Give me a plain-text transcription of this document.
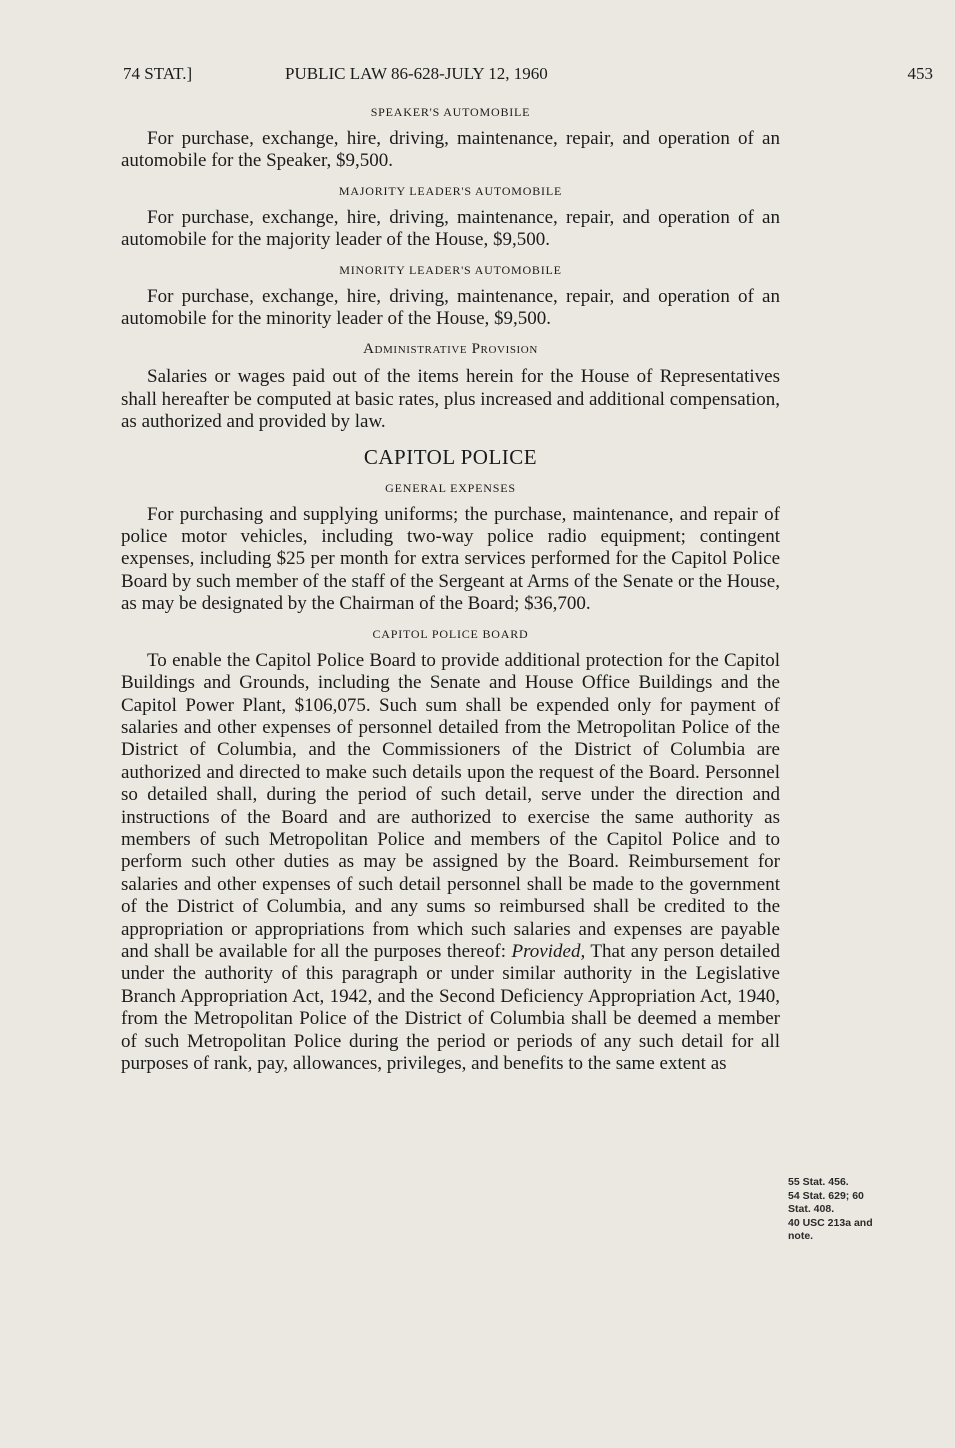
74 STAT.]	PUBLIC LAW 86-628-JULY 12, 1960	453
SPEAKER'S AUTOMOBILE

For purchase, exchange, hire, driving, maintenance, repair, and operation of an automobile for the Speaker, $9,500.

MAJORITY LEADER'S AUTOMOBILE

For purchase, exchange, hire, driving, maintenance, repair, and operation of an automobile for the majority leader of the House, $9,500.

MINORITY LEADER'S AUTOMOBILE

For purchase, exchange, hire, driving, maintenance, repair, and operation of an automobile for the minority leader of the House, $9,500.

Administrative Provision

Salaries or wages paid out of the items herein for the House of Representatives shall hereafter be computed at basic rates, plus increased and additional compensation, as authorized and provided by law.

CAPITOL POLICE
GENERAL EXPENSES

For purchasing and supplying uniforms; the purchase, maintenance, and repair of police motor vehicles, including two-way police radio equipment; contingent expenses, including $25 per month for extra services performed for the Capitol Police Board by such member of the staff of the Sergeant at Arms of the Senate or the House, as may be designated by the Chairman of the Board; $36,700.

CAPITOL POLICE BOARD

To enable the Capitol Police Board to provide additional protection for the Capitol Buildings and Grounds, including the Senate and House Office Buildings and the Capitol Power Plant, $106,075. Such sum shall be expended only for payment of salaries and other expenses of personnel detailed from the Metropolitan Police of the District of Columbia, and the Commissioners of the District of Columbia are authorized and directed to make such details upon the request of the Board. Personnel so detailed shall, during the period of such detail, serve under the direction and instructions of the Board and are authorized to exercise the same authority as members of such Metropolitan Police and members of the Capitol Police and to perform such other duties as may be assigned by the Board. Reimbursement for salaries and other expenses of such detail personnel shall be made to the government of the District of Columbia, and any sums so reimbursed shall be credited to the appropriation or appropriations from which such salaries and expenses are payable and shall be available for all the purposes thereof: Provided, That any person detailed under the authority of this paragraph or under similar authority in the Legislative Branch Appropriation Act, 1942, and the Second Deficiency Appropriation Act, 1940, from the Metropolitan Police of the District of Columbia shall be deemed a member of such Metropolitan Police during the period or periods of any such detail for all purposes of rank, pay, allowances, privileges, and benefits to the same extent as

55 Stat. 456.
54 Stat. 629; 60
Stat. 408.
40 USC 213a and
note.
